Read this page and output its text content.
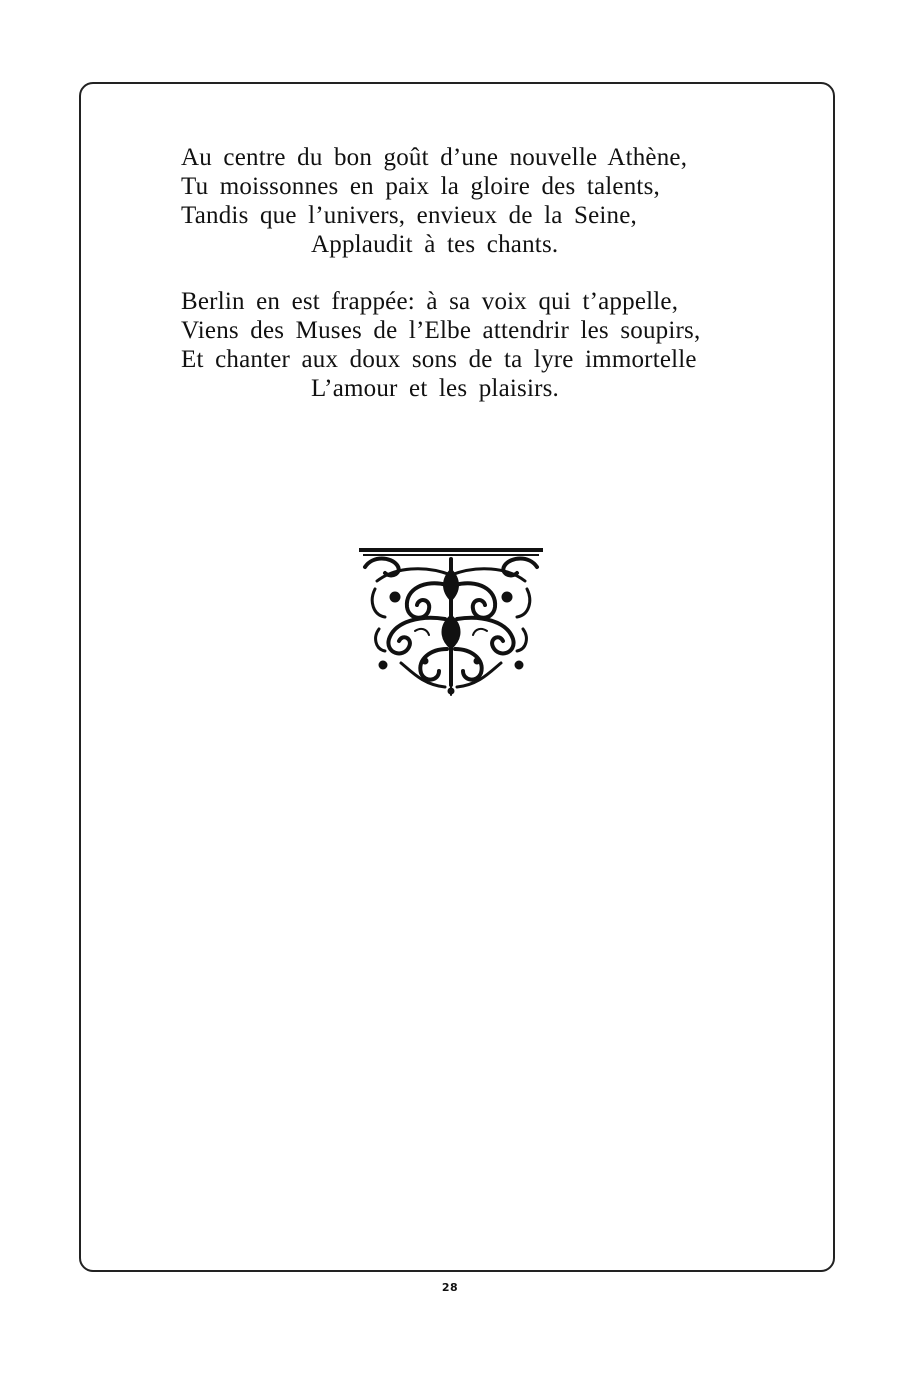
Au centre du bon goût d’une nouvelle Athène,
Tu moissonnes en paix la gloire des talents,
Tandis que l’univers, envieux de la Seine,
Applaudit à tes chants.
Berlin en est frappée: à sa voix qui t’appelle,
Viens des Muses de l’Elbe attendrir les soupirs,
Et chanter aux doux sons de ta lyre immortelle
L’amour et les plaisirs.
28
